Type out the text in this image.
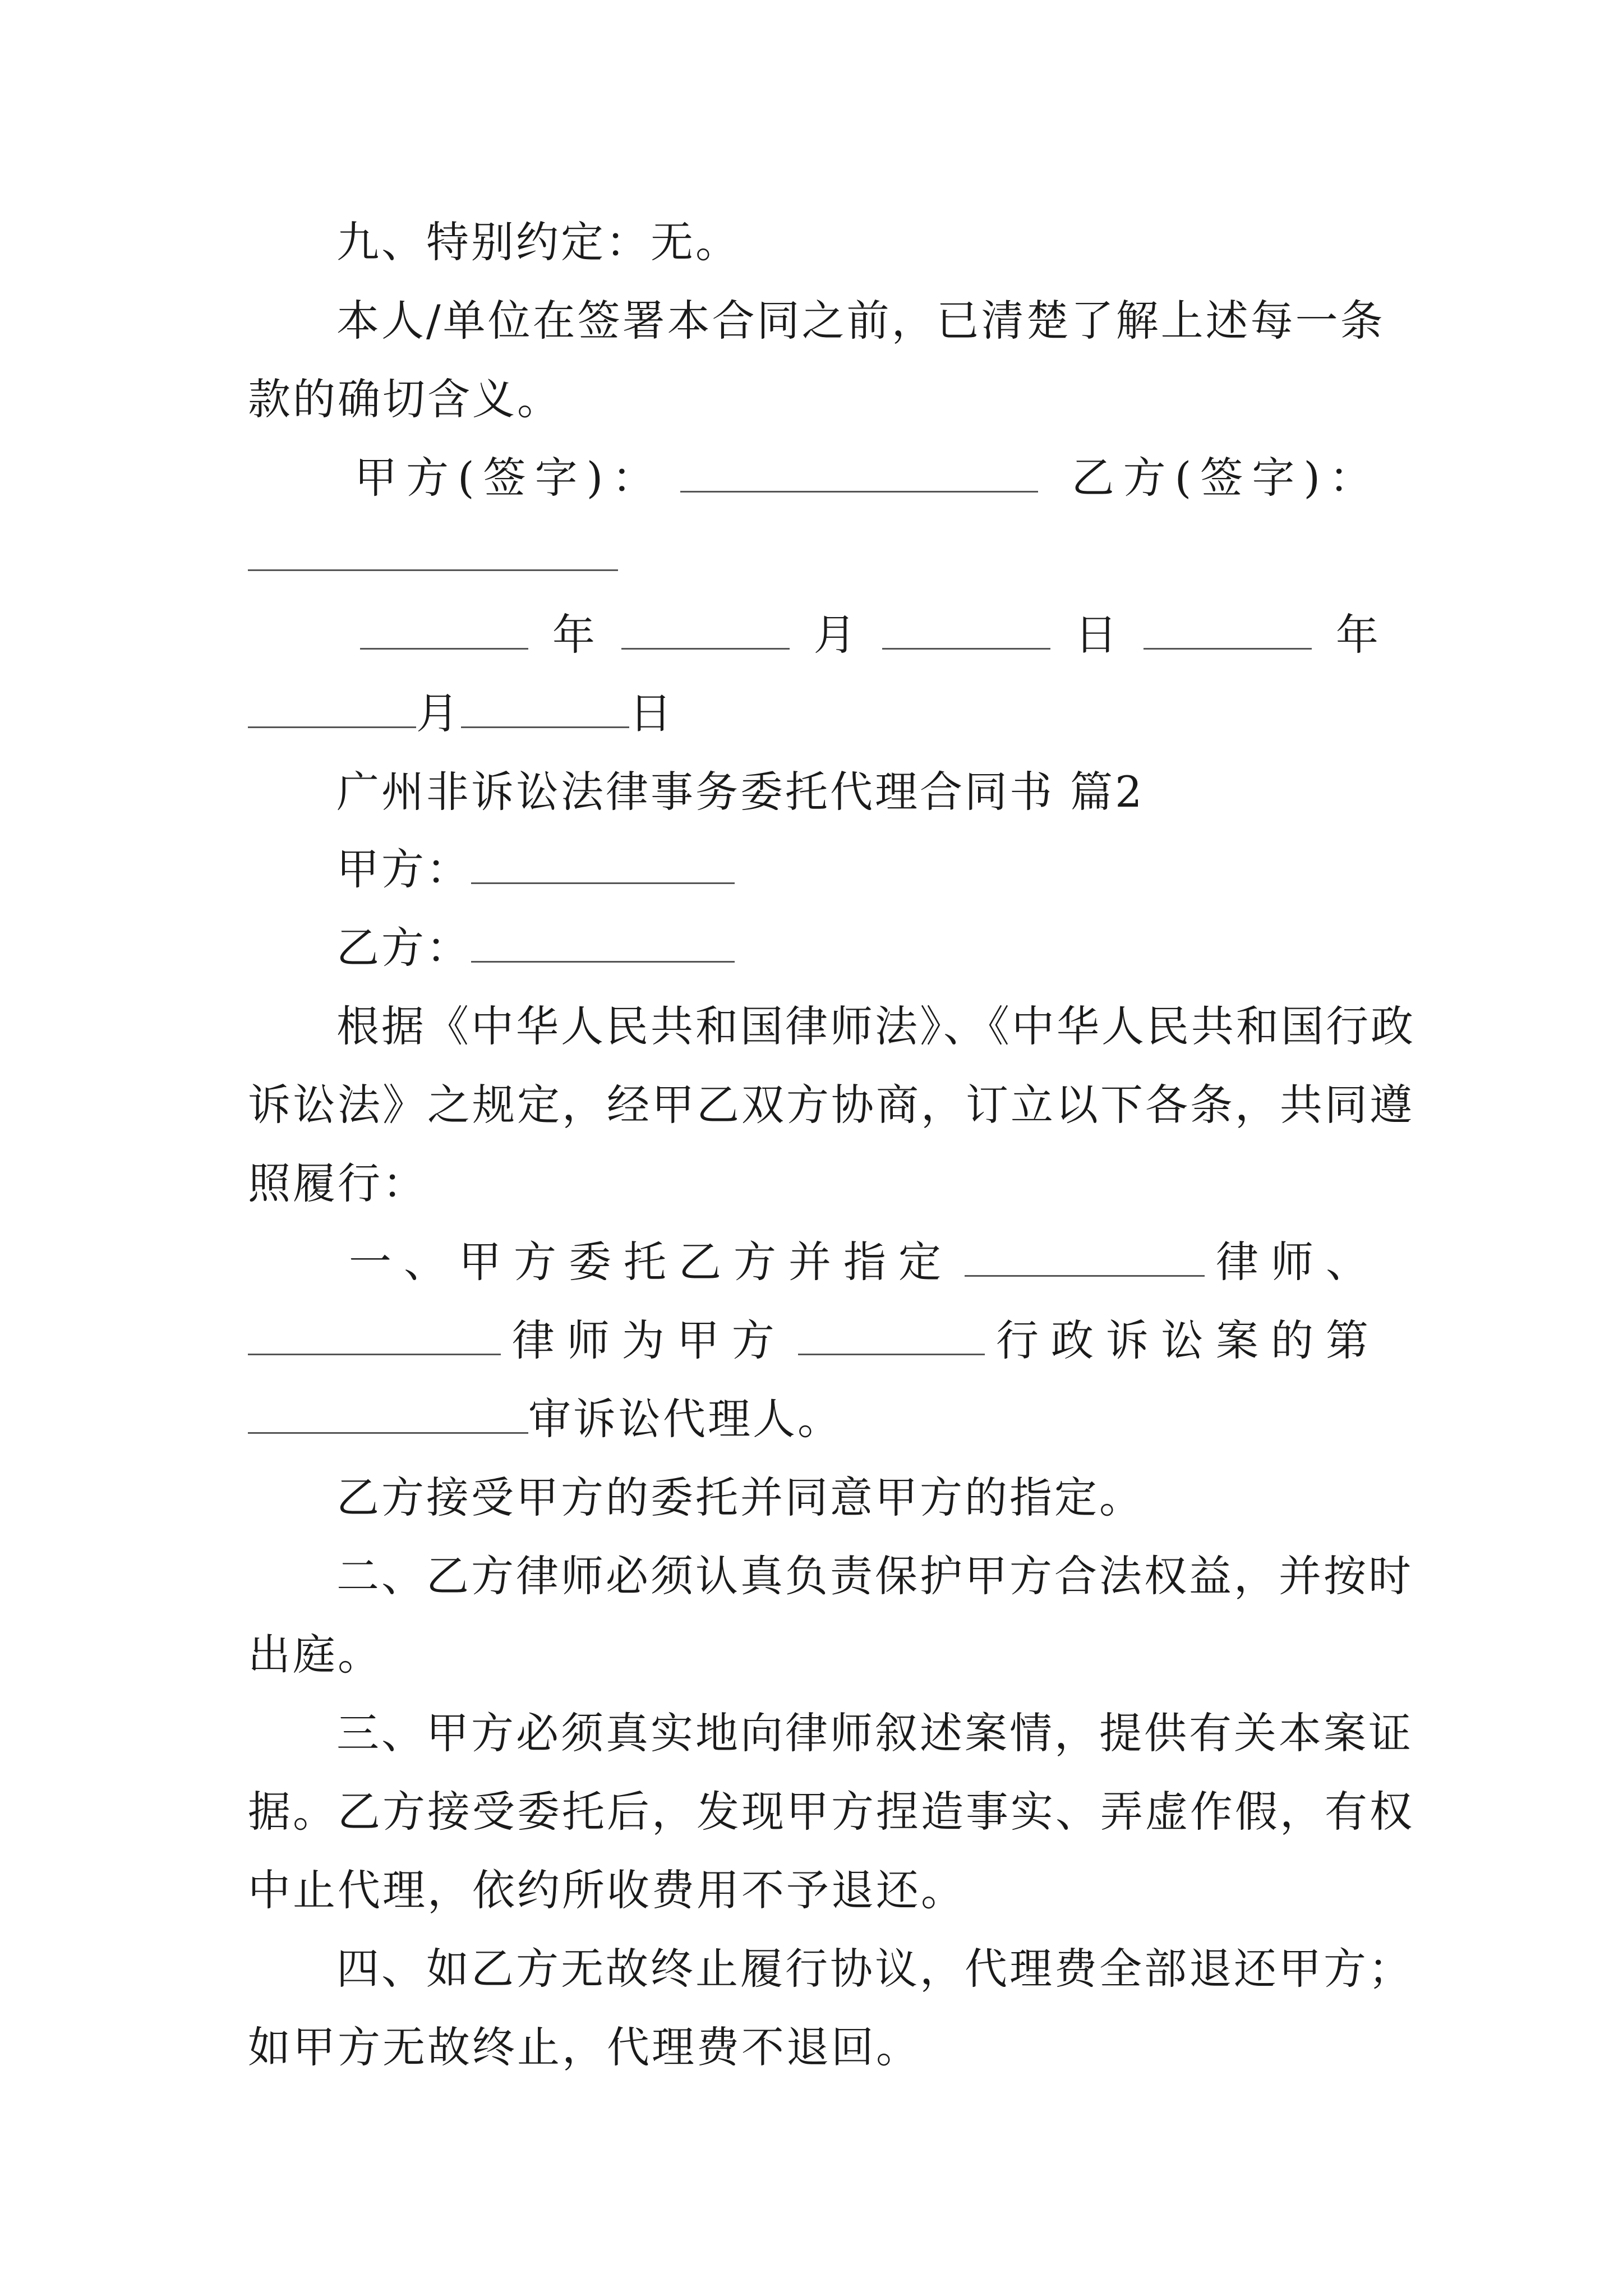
九、特别约定：无。
本人/单位在签署本合同之前，已清楚了解上述每一条
款的确切含义。
甲方(签字)：	乙方(签字)：
年	月	日	年
月	日
广州非诉讼法律事务委托代理合同书 篇2
甲方：
乙方：
根据《中华人民共和国律师法》、《中华人民共和国行政
诉讼法》之规定，经甲乙双方协商，订立以下各条，共同遵
照履行：
一、甲方委托乙方并指定	律师、
律师为甲方	行政诉讼案的第
审诉讼代理人。
乙方接受甲方的委托并同意甲方的指定。
二、乙方律师必须认真负责保护甲方合法权益，并按时
出庭。
三、甲方必须真实地向律师叙述案情，提供有关本案证
据。乙方接受委托后，发现甲方捏造事实、弄虚作假，有权
中止代理，依约所收费用不予退还。
四、如乙方无故终止履行协议，代理费全部退还甲方；
如甲方无故终止，代理费不退回。
